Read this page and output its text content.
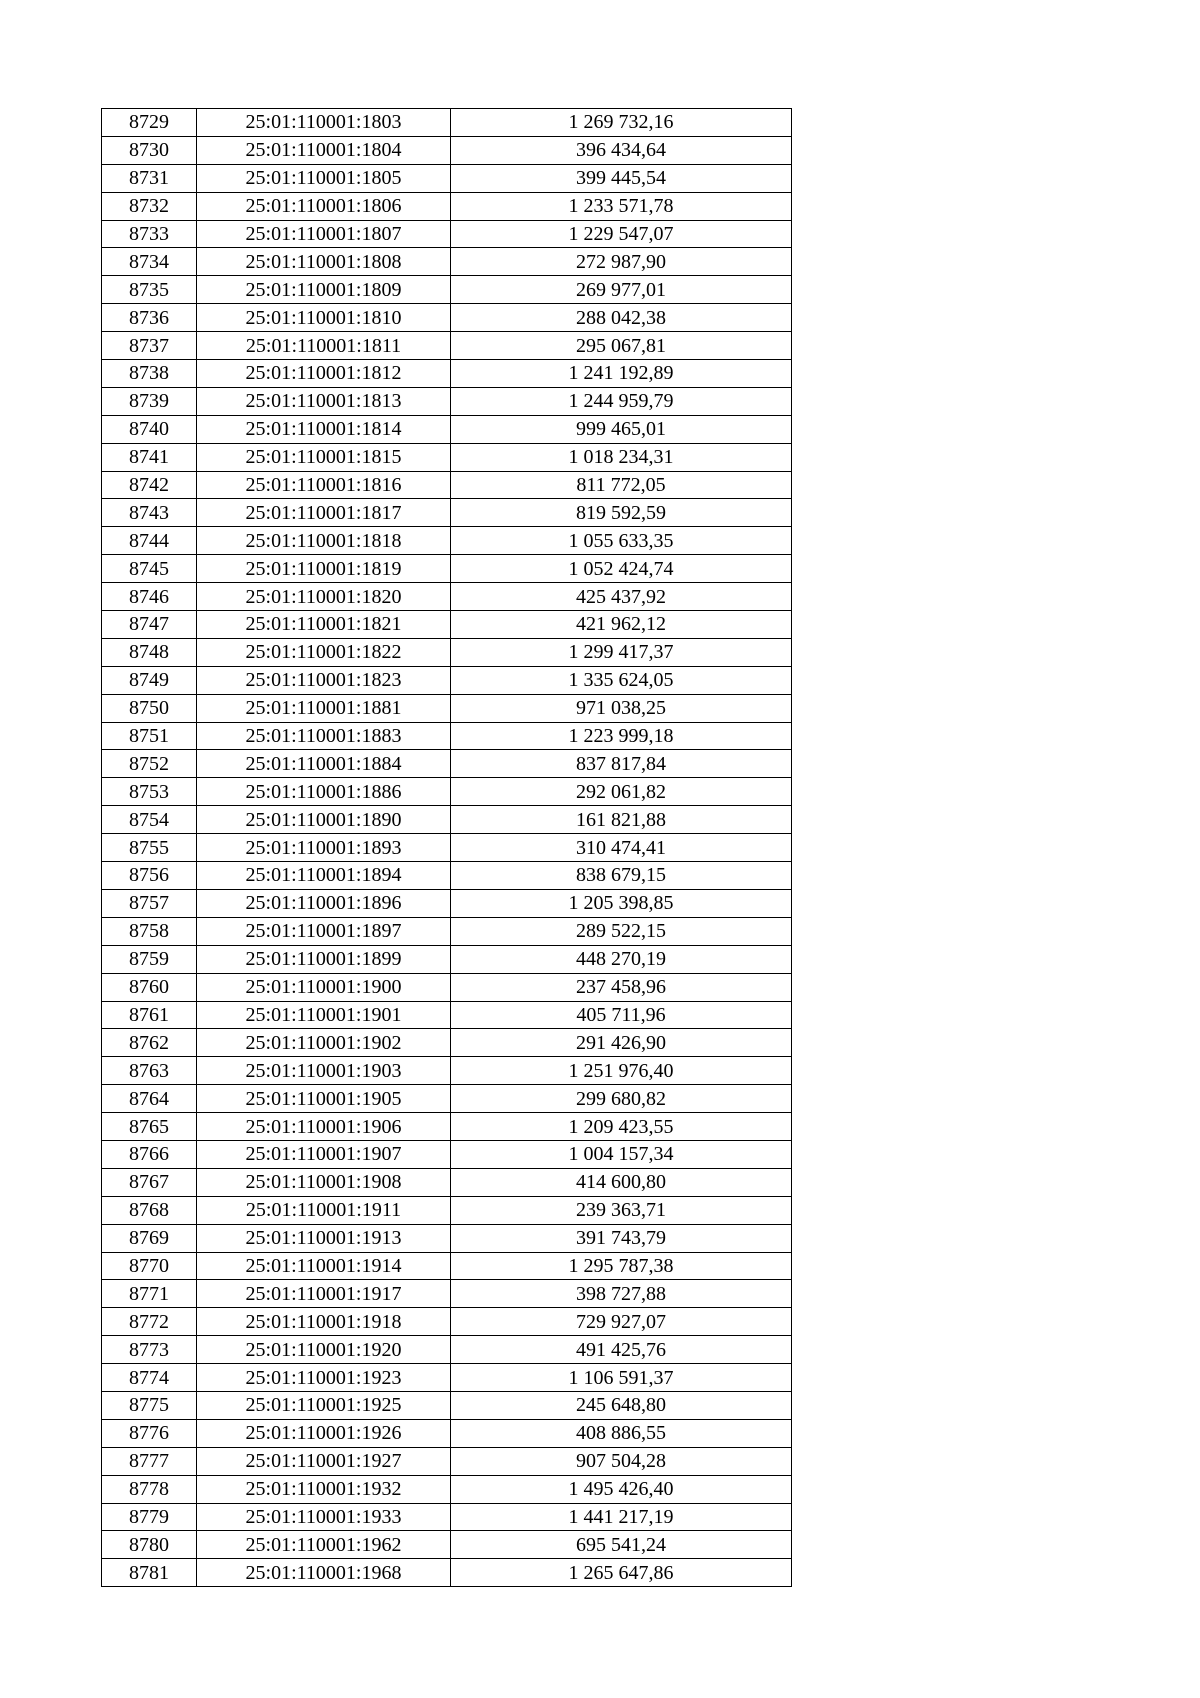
8729	25:01:110001:1803	1 269 732,16
8730	25:01:110001:1804	396 434,64
8731	25:01:110001:1805	399 445,54
8732	25:01:110001:1806	1 233 571,78
8733	25:01:110001:1807	1 229 547,07
8734	25:01:110001:1808	272 987,90
8735	25:01:110001:1809	269 977,01
8736	25:01:110001:1810	288 042,38
8737	25:01:110001:1811	295 067,81
8738	25:01:110001:1812	1 241 192,89
8739	25:01:110001:1813	1 244 959,79
8740	25:01:110001:1814	999 465,01
8741	25:01:110001:1815	1 018 234,31
8742	25:01:110001:1816	811 772,05
8743	25:01:110001:1817	819 592,59
8744	25:01:110001:1818	1 055 633,35
8745	25:01:110001:1819	1 052 424,74
8746	25:01:110001:1820	425 437,92
8747	25:01:110001:1821	421 962,12
8748	25:01:110001:1822	1 299 417,37
8749	25:01:110001:1823	1 335 624,05
8750	25:01:110001:1881	971 038,25
8751	25:01:110001:1883	1 223 999,18
8752	25:01:110001:1884	837 817,84
8753	25:01:110001:1886	292 061,82
8754	25:01:110001:1890	161 821,88
8755	25:01:110001:1893	310 474,41
8756	25:01:110001:1894	838 679,15
8757	25:01:110001:1896	1 205 398,85
8758	25:01:110001:1897	289 522,15
8759	25:01:110001:1899	448 270,19
8760	25:01:110001:1900	237 458,96
8761	25:01:110001:1901	405 711,96
8762	25:01:110001:1902	291 426,90
8763	25:01:110001:1903	1 251 976,40
8764	25:01:110001:1905	299 680,82
8765	25:01:110001:1906	1 209 423,55
8766	25:01:110001:1907	1 004 157,34
8767	25:01:110001:1908	414 600,80
8768	25:01:110001:1911	239 363,71
8769	25:01:110001:1913	391 743,79
8770	25:01:110001:1914	1 295 787,38
8771	25:01:110001:1917	398 727,88
8772	25:01:110001:1918	729 927,07
8773	25:01:110001:1920	491 425,76
8774	25:01:110001:1923	1 106 591,37
8775	25:01:110001:1925	245 648,80
8776	25:01:110001:1926	408 886,55
8777	25:01:110001:1927	907 504,28
8778	25:01:110001:1932	1 495 426,40
8779	25:01:110001:1933	1 441 217,19
8780	25:01:110001:1962	695 541,24
8781	25:01:110001:1968	1 265 647,86
